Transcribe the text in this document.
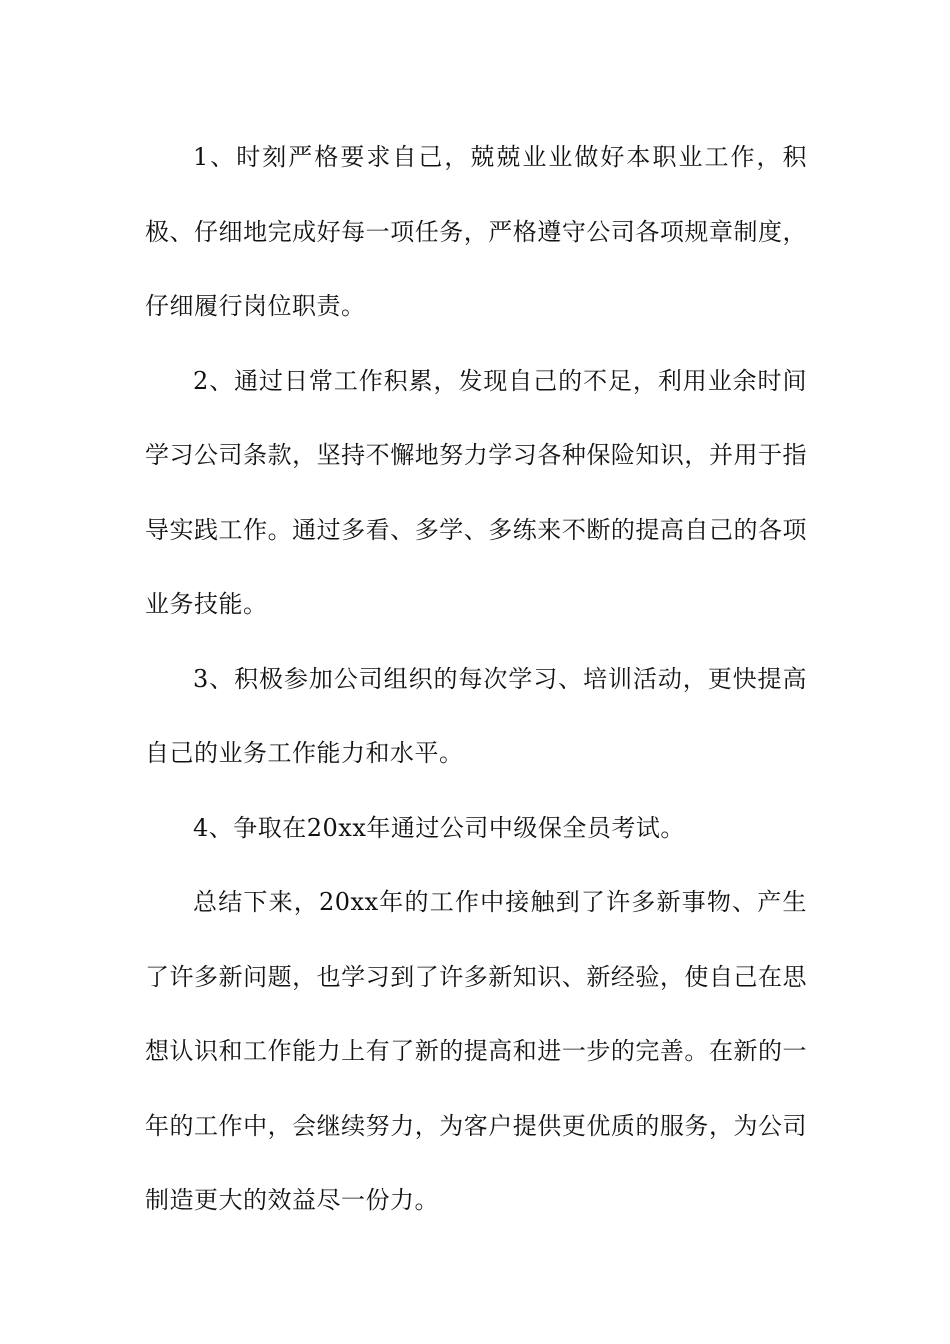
1、时刻严格要求自己，兢兢业业做好本职业工作，积极、仔细地完成好每一项任务，严格遵守公司各项规章制度，仔细履行岗位职责。

2、通过日常工作积累，发现自己的不足，利用业余时间学习公司条款，坚持不懈地努力学习各种保险知识，并用于指导实践工作。通过多看、多学、多练来不断的提高自己的各项业务技能。

3、积极参加公司组织的每次学习、培训活动，更快提高自己的业务工作能力和水平。

4、争取在20xx年通过公司中级保全员考试。

总结下来，20xx年的工作中接触到了许多新事物、产生了许多新问题，也学习到了许多新知识、新经验，使自己在思想认识和工作能力上有了新的提高和进一步的完善。在新的一年的工作中，会继续努力，为客户提供更优质的服务，为公司制造更大的效益尽一份力。
